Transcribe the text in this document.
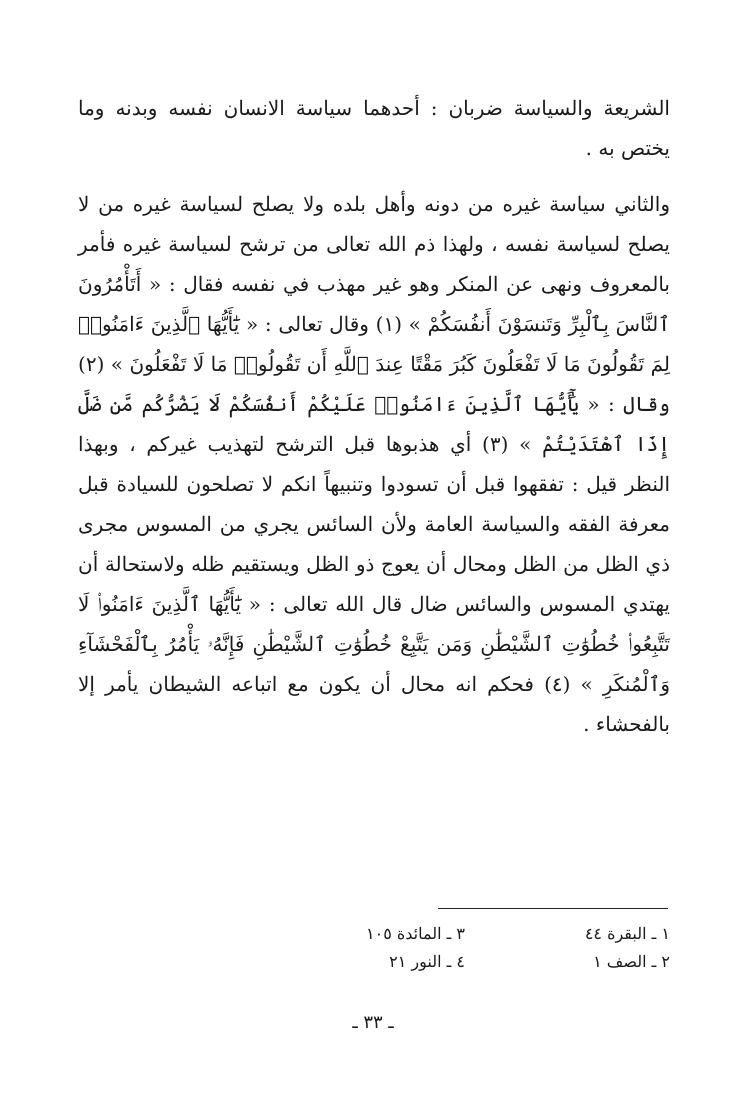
الشريعة والسياسة ضربان : أحدهما سياسة الانسان نفسه وبدنه وما يختص به .

والثاني سياسة غيره من دونه وأهل بلده ولا يصلح لسياسة غيره من لا يصلح لسياسة نفسه ، ولهذا ذم الله تعالى من ترشح لسياسة غيره فأمر بالمعروف ونهى عن المنكر وهو غير مهذب في نفسه فقال : « أَتَأْمُرُونَ ٱلنَّاسَ بِٱلْبِرِّ وَتَنسَوْنَ أَنفُسَكُمْ » (١) وقال تعالى : « يَٰٓأَيُّهَا ٱلَّذِينَ ءَامَنُوا۟ لِمَ تَقُولُونَ مَا لَا تَفْعَلُونَ كَبُرَ مَقْتًا عِندَ ٱللَّهِ أَن تَقُولُوا۟ مَا لَا تَفْعَلُونَ » (٢) وقال : « يَٰٓأَيُّهَا ٱلَّذِينَ ءَامَنُوا۟ عَلَيْكُمْ أَنفُسَكُمْ لَا يَضُرُّكُم مَّن ضَلَّ إِذَا ٱهْتَدَيْتُمْ » (٣) أي هذبوها قبل الترشح لتهذيب غيركم ، وبهذا النظر قيل : تفقهوا قبل أن تسودوا وتنبيهاً انكم لا تصلحون للسيادة قبل معرفة الفقه والسياسة العامة ولأن السائس يجري من المسوس مجرى ذي الظل من الظل ومحال أن يعوج ذو الظل ويستقيم ظله ولاستحالة أن يهتدي المسوس والسائس ضال قال الله تعالى : « يَٰٓأَيُّهَا ٱلَّذِينَ ءَامَنُوا۟ لَا تَتَّبِعُوا۟ خُطُوَٰتِ ٱلشَّيْطَٰنِ وَمَن يَتَّبِعْ خُطُوَٰتِ ٱلشَّيْطَٰنِ فَإِنَّهُۥ يَأْمُرُ بِٱلْفَحْشَآءِ وَٱلْمُنكَرِ » (٤) فحكم انه محال أن يكون مع اتباعه الشيطان يأمر إلا بالفحشاء .

١ ـ البقرة ٤٤
٣ ـ المائدة ١٠٥
٢ ـ الصف ١
٤ ـ النور ٢١
ـ ٣٣ ـ
